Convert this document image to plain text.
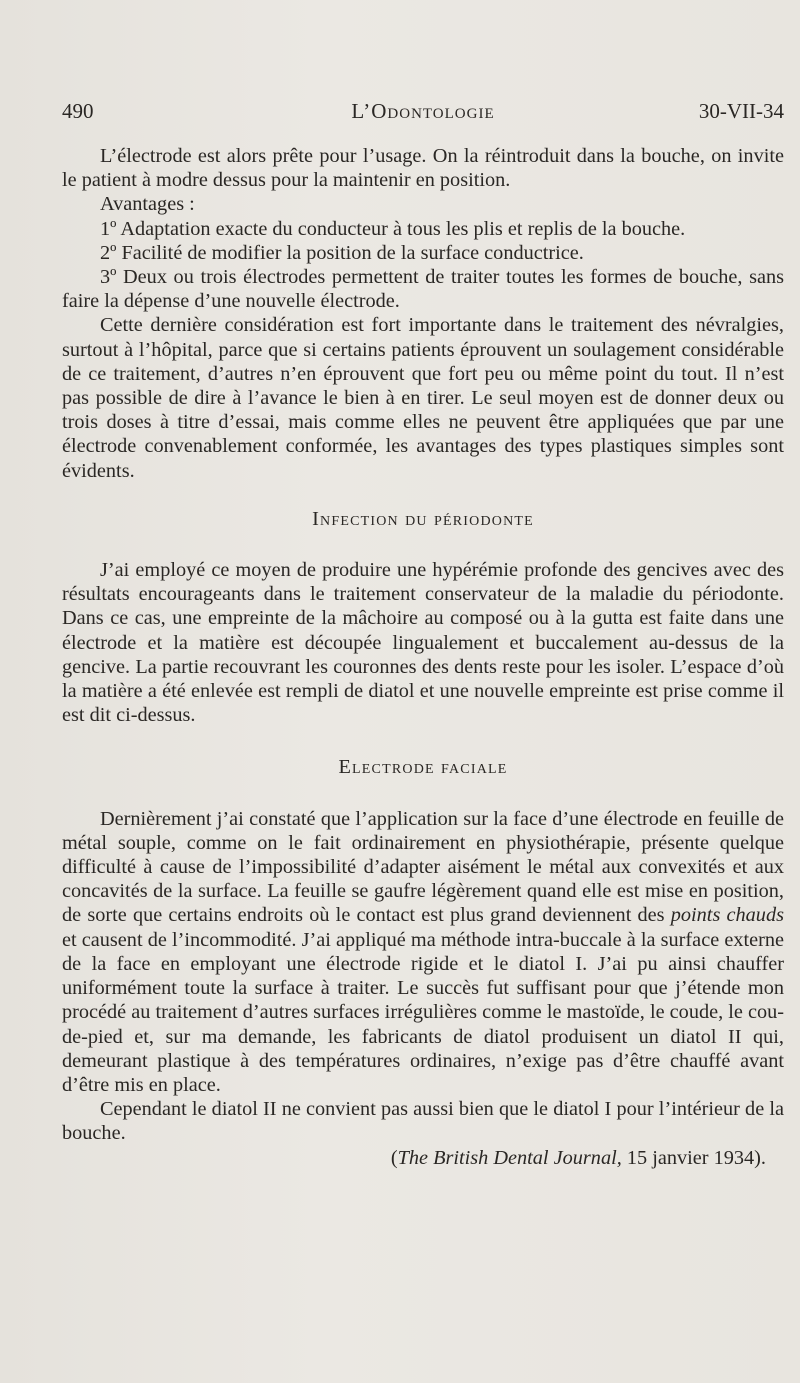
490	L’Odontologie	30-VII-34

L’électrode est alors prête pour l’usage. On la réintroduit dans la bouche, on invite le patient à modre dessus pour la maintenir en position.

Avantages :

1º Adaptation exacte du conducteur à tous les plis et replis de la bouche.

2º Facilité de modifier la position de la surface conductrice.

3º Deux ou trois électrodes permettent de traiter toutes les formes de bouche, sans faire la dépense d’une nouvelle électrode.

Cette dernière considération est fort importante dans le traitement des névralgies, surtout à l’hôpital, parce que si certains patients éprouvent un soulagement considérable de ce traitement, d’autres n’en éprouvent que fort peu ou même point du tout. Il n’est pas possible de dire à l’avance le bien à en tirer. Le seul moyen est de donner deux ou trois doses à titre d’essai, mais comme elles ne peuvent être appliquées que par une électrode convenablement conformée, les avantages des types plastiques simples sont évidents.

Infection du périodonte

J’ai employé ce moyen de produire une hypérémie profonde des gencives avec des résultats encourageants dans le traitement conservateur de la maladie du périodonte. Dans ce cas, une empreinte de la mâchoire au composé ou à la gutta est faite dans une électrode et la matière est découpée lingualement et buccalement au-dessus de la gencive. La partie recouvrant les couronnes des dents reste pour les isoler. L’espace d’où la matière a été enlevée est rempli de diatol et une nouvelle empreinte est prise comme il est dit ci-dessus.

Electrode faciale

Dernièrement j’ai constaté que l’application sur la face d’une électrode en feuille de métal souple, comme on le fait ordinairement en physiothérapie, présente quelque difficulté à cause de l’impossibilité d’adapter aisément le métal aux convexités et aux concavités de la surface. La feuille se gaufre légèrement quand elle est mise en position, de sorte que certains endroits où le contact est plus grand deviennent des points chauds et causent de l’incommodité. J’ai appliqué ma méthode intra-buccale à la surface externe de la face en employant une électrode rigide et le diatol I. J’ai pu ainsi chauffer uniformément toute la surface à traiter. Le succès fut suffisant pour que j’étende mon procédé au traitement d’autres surfaces irrégulières comme le mastoïde, le coude, le cou-de-pied et, sur ma demande, les fabricants de diatol produisent un diatol II qui, demeurant plastique à des températures ordinaires, n’exige pas d’être chauffé avant d’être mis en place.

Cependant le diatol II ne convient pas aussi bien que le diatol I pour l’intérieur de la bouche.

(The British Dental Journal, 15 janvier 1934).
